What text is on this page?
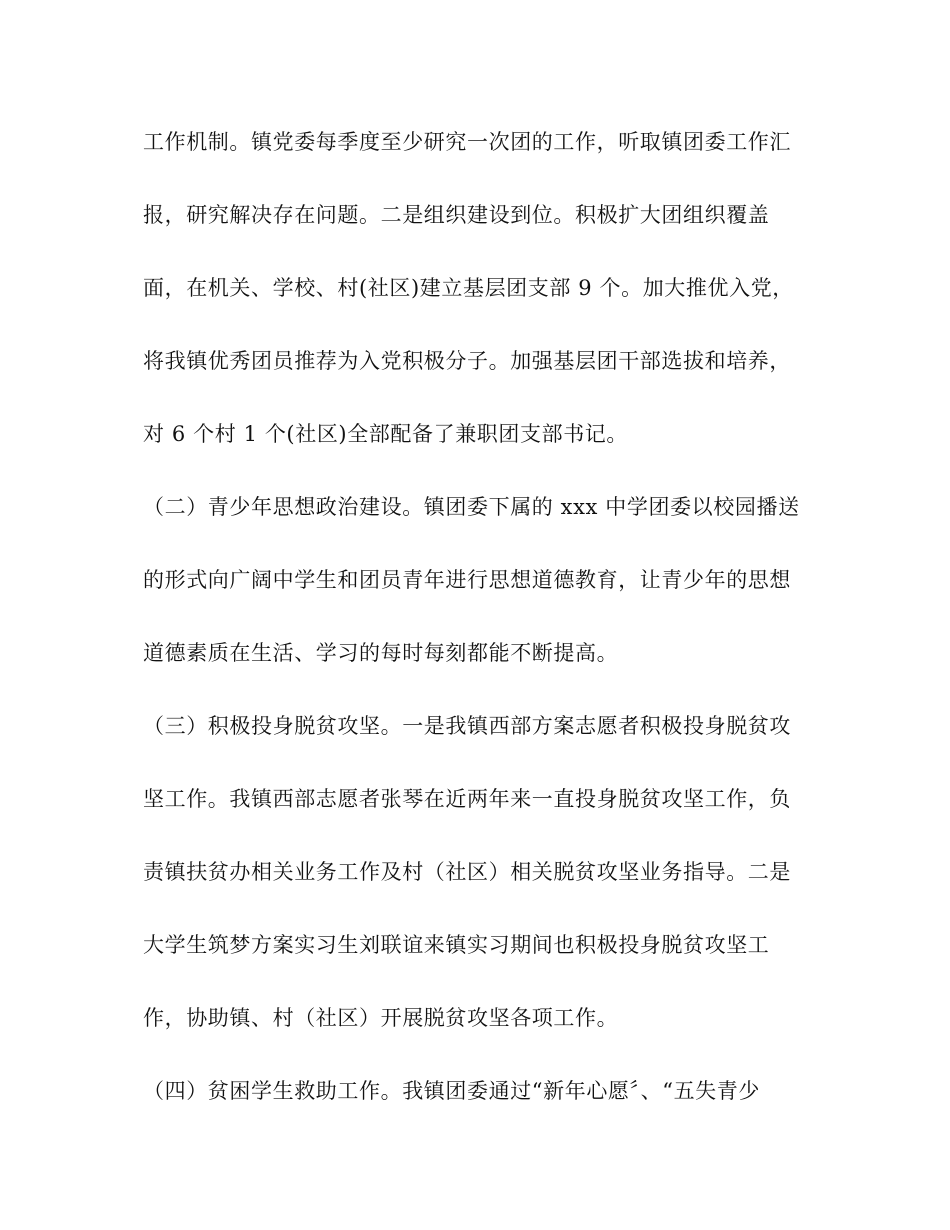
工作机制。镇党委每季度至少研究一次团的工作，听取镇团委工作汇
报，研究解决存在问题。二是组织建设到位。积极扩大团组织覆盖
面，在机关、学校、村(社区)建立基层团支部 9 个。加大推优入党，
将我镇优秀团员推荐为入党积极分子。加强基层团干部选拔和培养，
对 6 个村 1 个(社区)全部配备了兼职团支部书记。
（二）青少年思想政治建设。镇团委下属的 xxx 中学团委以校园播送
的形式向广阔中学生和团员青年进行思想道德教育，让青少年的思想
道德素质在生活、学习的每时每刻都能不断提高。
（三）积极投身脱贫攻坚。一是我镇西部方案志愿者积极投身脱贫攻
坚工作。我镇西部志愿者张琴在近两年来一直投身脱贫攻坚工作，负
责镇扶贫办相关业务工作及村（社区）相关脱贫攻坚业务指导。二是
大学生筑梦方案实习生刘联谊来镇实习期间也积极投身脱贫攻坚工
作，协助镇、村（社区）开展脱贫攻坚各项工作。
（四）贫困学生救助工作。我镇团委通过“新年心愿〞、“五失青少
